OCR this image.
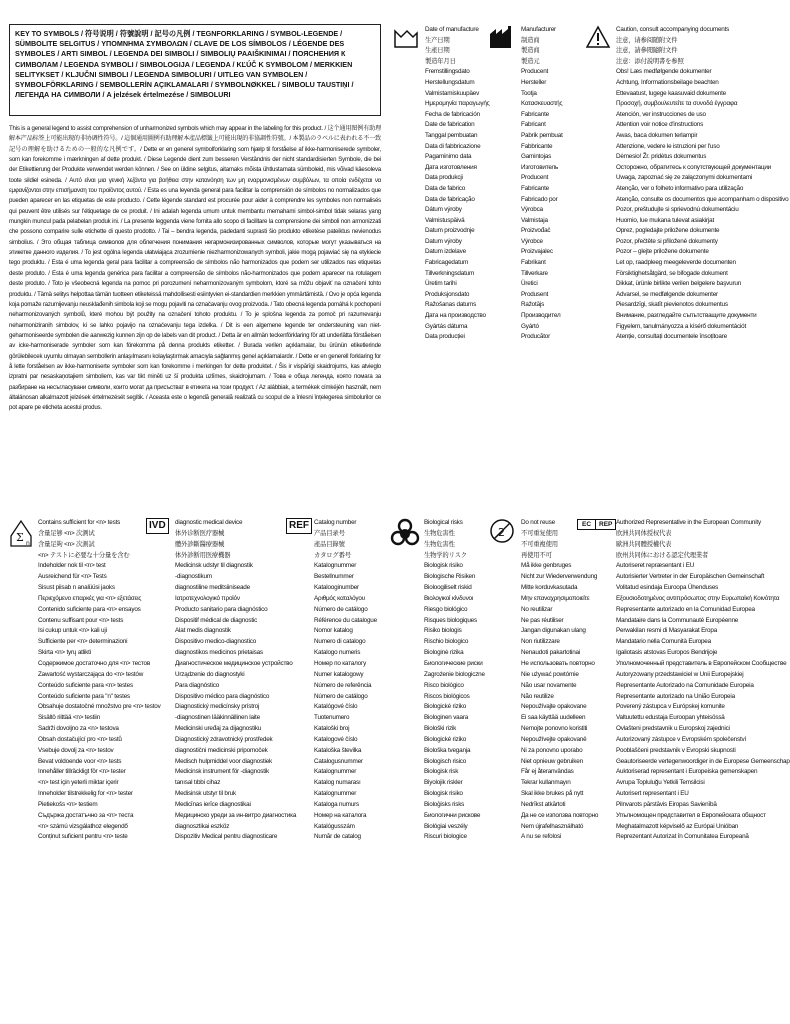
KEY TO SYMBOLS / 符号说明 / 符號說明 / 記号の凡例 / TEGNFORKLARING / SYMBOL-LEGENDE / SÜMBOLITE SELGITUS / ΥΠΟΜΝΗΜΑ ΣΥΜΒΟΛΩΝ / CLAVE DE LOS SÍMBOLOS / LÉGENDE DES SYMBOLES / ARTI SIMBOL / LEGENDA DEI SIMBOLI / SIMBOLIŲ PAAIŠKINIMAI / ПОЯСНЕНИЯ К СИМВОЛАМ / LEGENDA SYMBOLI / SIMBOLOGIJA / LEGENDA / KĽÚČ K SYMBOLOM / MERKKIEN SELITYKSET / KLJUČNI SIMBOLI / LEGENDA SIMBOLURI / UITLEG VAN SYMBOLEN / SYMBOLFÖRKLARING / SEMBOLLERİN AÇIKLAMALARI / SYMBOLNØKKEL / SIMBOLU TAUSTIŅI / ЛЕГЕНДА НА СИМВОЛИ / A jelzések értelmezése / SIMBOLURI
This is a general legend to assist comprehension of unharmonized symbols which may appear in the labeling for this product. / 这个通用图例有助理解本产品标签上可能出现的非协调性符号。/ 這個通用圖例有助理解本產品標籤上可能出現的非協調性符號。/ 本製品のラベルに表われる不一致記号の理解を助けるための一般的な凡例です。/ Dette er en generel symbolforklaring som hjælp til forståelse af ikke-harmoniserede symboler, som kan forekomme i mærkningen af dette produkt. / Diese Legende dient zum besseren Verständnis der nicht standardisierten Symbole, die bei der Etikettierung der Produkte verwendet werden können. / See on üldine selgitus, aitamaks mõista ühtlustamata sümboleid, mis võivad käesoleva toote sildiel esineda. / Αυτό είναι μια γενική λεζάντα για βοήθεια στην κατανόηση των μη εναρμονισμένων συμβόλων, τα οποία ενδέχεται να εμφανίζονται στην επισήμανση του προϊόντος αυτού. / Esta es una leyenda general para facilitar la comprensión de símbolos no normalizados que pueden aparecer en las etiquetas de este producto. / Cette légende standard est procurée pour aider à comprendre les symboles non normalisés qui peuvent être utilisés sur l'étiquetage de ce produit. / Ini adalah legenda umum untuk membantu memahami simbol-simbol tidak selaras yang mungkin muncul pada pelabelan produk ini. / La presente leggenda viene fornita allo scopo di facilitare la comprensione dei simboli non armonizzati che possono comparire sulle etichette di questo prodotto. / Tai – bendra legenda, padedanti suprasti šio produkto etiketėse pateiktus nevienodus simbolius. / Это общая таблица символов для облегчения понимания негармонизированных символов, которые могут указываться на этикетке данного изделия. / To jest ogólna legenda ułatwiająca zrozumienie niezharmonizowanych symboli, jakie mogą pojawiać się na etykiecie tego produktu. / Esta é uma legenda geral para facilitar a compreensão de símbolos não harmonizados que podem ser utilizados nas etiquetas deste produto. / Esta é uma legenda genérica para facilitar a compreensão de símbolos não-harmonizados que podem aparecer na rotulagem deste produto. / Toto je všeobecná legenda na pomoc pri porozumení neharmonizovaným symbolom, ktoré sa môžu objaviť na označení tohto produktu. / Tämä selitys helpottaa tämän tuotteen etiketeissä mahdollisesti esiintyvien ei-standardien merkkien ymmärtämistä. / Ovo je opća legenda koja pomaže razumijevanju neusklađenih simbola koji se mogu pojaviti na označavanju ovog proizvoda. / Tato obecná legenda pomáhá k pochopení neharmonizovaných symbolů, které mohou být použity na označení tohoto produktu. / To je splošna legenda za pomoč pri razumevanju neharmoniziranih simbolov, ki se lahko pojavijo na označevanju tega izdelka. / Dit is een algemene legende ter ondersteuning van niet-geharmoniseerde symbolen die aanwezig kunnen zijn op de labels van dit product. / Detta är en allmän teckenförklaring för att underlätta förståelsen av icke-harmoniserade symboler som kan förekomma på denna produkts etiketter. / Burada verilen açıklamalar, bu ürünün etiketlerinde görülebilecek uyumlu olmayan sembollerin anlaşılmasını kolaylaştırmak amacıyla sağlanmış genel açıklamalardır. / Dette er en generell forklaring for å lette forståelsen av ikke-harmoniserte symboler som kan forekomme i merkingen for dette produktet. / Šis ir vispārīgi skaidrojums, kas atvieglo izpratni par nesaskaņotajiem simboliem, kas var tikt minēti uz šī produkta uzlīmes, skaidrojumam. / Това е обща легенда, която помага за разбиране на несъгласувани символи, които могат да присъстват в етикета на този продукт. / Az alábbiak, a termékek címkéjén használt, nem általánosan alkalmazott jelzések értelmezését segítik. / Aceasta este o legendă generală realizată cu scopul de a înlesni înțelegerea simbolurilor ce pot apare pe eticheta acestui produs.
Date of manufacture
生产日期
生產日期
製造年月日
Fremstillingsdato
Herstellungsdatum
Valmistamiskuupäev
Ημερομηνία παραγωγής
Fecha de fabricación
Date de fabrication
Tanggal pembuatan
Data di fabbricazione
Pagaminimo data
Дата изготовления
Data produkcji
Data de fabrico
Data de fabricação
Dátum výroby
Valmistuspäivä
Datum proizvodnje
Datum výroby
Datum izdelave
Fabricagedatum
Tillverkningsdatum
Üretim tarihi
Produksjonsdato
Ražošanas datums
Дата на производство
Gyártás dátuma
Data producției
Manufacturer
制造商
製造商
製造元
Producent
Hersteller
Tootja
Κατασκευαστής
Fabricante
Fabricant
Pabrik pembuat
Fabbricante
Gamintojas
Изготовитель
Producent
Fabricante
Fabricado por
Výrobca
Valmistaja
Proizvođač
Výrobce
Proizvajalec
Fabrikant
Tillverkare
Üretici
Produsent
Ražotājs
Производител
Gyártó
Producător
Caution, consult accompanying documents
注意，请参阅随附文件
注意，請參閱隨附文件
注意：添付説明書を参照
Obs! Læs medfølgende dokumenter
Achtung, Informationsbeilage beachten
Ettevaatust, lugege kaasuvaid dokumente
Προσοχή, συμβουλευτείτε τα συνοδά έγγραφα
Atención, ver instrucciones de uso
Attention voir notice d'instructions
Awas, baca dokumen terlampir
Attenzione, vedere le istruzioni per l'uso
Dėmesio! Žr. pridėtus dokumentus
Осторожно, обратитесь к сопутствующей документации
Uwaga, zapoznać się ze załączonymi dokumentami
Atenção, ver o folheto informativo para utilização
Atenção, consulte os documentos que acompanham o dispositivo
Pozor, preštudujte si sprievodnú dokumentáciu
Huomio, lue mukana tulevat asiakirjat
Oprez, pogledajte priložene dokumente
Pozor, přečtěte si přiložené dokumenty
Pozor – glejte priložene dokumente
Let op, raadpleeg meegeleverde documenten
Försiktighetsåtgärd, se bifogade dokument
Dikkat, ürünle birlikte verilen belgelere başvurun
Advarsel, se medfølgende dokumenter
Piesardzīgi, skatīt pievienotos dokumentus
Внимание, разгледайте съпътстващите документи
Figyelem, tanulmányozza a kísérő dokumentációt
Atenție, consultați documentele însoțitoare
Σ n
Contains sufficient for <n> tests
含量足够 <n> 次测试
含量足夠 <n> 次測試
<n> テストに必要な十分量を含む
Indeholder nok til <n> test
Ausreichend für <n> Tests
Sisust piisab n analüüsi jaoks
Περιεχόμενο επαρκές για <n> εξετάσεις
Contenido suficiente para <n> ensayos
Contenu suffisant pour <n> tests
Isi cukup untuk <n> kali uji
Sufficiente per <n> determinazioni
Skirta <n> tyrų atlikti
Содержимое достаточно для <n> тестов
Zawartość wystarczająca do <n> testów
Conteúdo suficiente para <n> testes
Conteúdo suficiente para "n" testes
Obsahuje dostatočné množstvo pre <n> testov
Sisältö riittää <n> testiin
Sadrži dovoljno za <n> testova
Obsah dostačující pro <n> testů
Vsebuje dovolj za <n> testov
Bevat voldoende voor <n> tests
Innehåller tillräckligt för <n> tester
<n> test için yeterli miktar içerir
Inneholder tilstrekkelig for <n> tester
Pietiekošs <n> testiem
Съдържа достатъчно за <n> теста
<n> számú vizsgálathoz elegendő
Conținut suficient pentru <n> teste
IVD	diagnostic medical device
体外诊断医疗器械
體外診斷醫療器械
体外診断用医療機器
Medicinsk udstyr til diagnostik
-diagnostikum
diagnostiline meditsiiniseade
Ιατροτεχνολογικό προϊόν
Producto sanitario para diagnóstico
Dispositif médical de diagnostic
Alat medis diagnostik
Dispositivo medico-diagnostico
diagnostikos medicinos prietaisas
Диагностическое медицинское устройство
Urządzenie do diagnostyki
Para diagnóstico
Dispositivo médico para diagnóstico
Diagnostický medicínsky prístroj
-diagnostinen lääkinnällinen laite
Medicinski uređaj za dijagnostiku
Diagnostický zdravotnický prostředek
diagnostični medicinski pripomoček
Medisch hulpmiddel voor diagnostiek
Medicinsk instrument för -diagnostik
tanısal tıbbi cihaz
Medisinsk utstyr til bruk
Medicīnas ierīce diagnostikai
Медицинско уреди за ин-витро диагностика
diagnosztikai eszköz
Dispozitiv Medical pentru diagnosticare
REF Catalog number
产品目录号
產品目錄號
カタログ番号
Katalognummer
Bestellnummer
Katalooginumber
Αριθμός καταλόγου
Número de catálogo
Référence du catalogue
Nomor katalog
Numero di catalogo
Katalogo numeris
Номер по каталогу
Numer katalogowy
Número de referência
Número de catálogo
Katalógové číslo
Tuotenumero
Kataloški broj
Katalogové číslo
Kataloška številka
Catalogusnummer
Katalognummer
Katalog numarası
Katalognummer
Kataloga numurs
Номер на каталога
Katalógusszám
Număr de catalog
Biological risks
生物危害性
生物危害性
生物学的リスク
Biologisk risiko
Biologische Risiken
Bioloogiliselt riskid
Βιολογικοί κίνδυνοι
Riesgo biológico
Risques biologiques
Risiko biologis
Rischio biologico
Biologinė rizika
Биологические риски
Zagrożenie biologiczne
Risco biológico
Riscos biológicos
Biologické riziko
Biologinen vaara
Biološki rizik
Biologické riziko
Biološka tveganja
Biologisch risico
Biologisk risk
Biyolojik riskler
Biologisk risiko
Bioloģisks risks
Биологични рискове
Biológiai veszély
Riscuri biologice
2
Do not reuse
不可重复使用
不可重複使用
再使用不可
Må ikke genbruges
Nicht zur Wiederverwendung
Mitte korduvkasutada
Μην επαναχρησιμοποιείτε
No reutilizar
Ne pas réutiliser
Jangan digunakan ulang
Non riutilizzare
Nenaudoti pakartotinai
Не использовать повторно
Nie używać powtórnie
Não usar novamente
Não reutilize
Nepoužívajte opakovane
Ei saa käyttää uudelleen
Nemojte ponovno koristiti
Nepoužívejte opakovaně
Ni za ponovno uporabo
Niet opnieuw gebruiken
Får ej återanvändas
Tekrar kullanmayın
Skal ikke brukes på nytt
Nedrīkst atkārtoti
Да не се използва повторно
Nem újrafelhasználható
A nu se refolosi
EC	REP Authorized Representative in the European Community
欧洲共同体授权代表
歐洲共同體授權代表
欧州共同体における認定代理業者
Autoriseret repræsentant i EU
Autorisierter Vertreter in der Europäischen Gemeinschaft
Volitatud esindaja Euroopa Ühenduses
Εξουσιοδοτημένος αντιπρόσωπος στην Ευρωπαϊκή Κοινότητα
Representante autorizado en la Comunidad Europea
Mandataire dans la Communauté Européenne
Perwakilan resmi di Masyarakat Eropa
Mandatario nella Comunità Europea
Igaliotasis atstovas Europos Bendrijoje
Уполномоченный представитель в Европейском Сообществе
Autoryzowany przedstawiciel w Unii Europejskiej
Representante Autorizado na Comunidade Europeia
Representante autorizado na União Europeia
Poverený zástupca v Európskej komunite
Valtuutettu edustaja Euroopan yhteisössä
Ovlašteni predstavnik u Europskoj zajednici
Autorizovaný zástupce v Evropském společenství
Pooblaščeni predstavnik v Evropski skupnosti
Geautoriseerde vertegenwoordiger in de Europese Gemeenschap
Auktoriserad representant i Europeiska gemenskapen
Avrupa Topluluğu Yetkili Temsilcisi
Autorisert representant i EU
Pilnvarots pārstāvis Eiropas Savienībā
Упълномощен представител в Европейската общност
Meghatalmazott képviselő az Európai Unióban
Reprezentant Autorizat în Comunitatea Europeană
